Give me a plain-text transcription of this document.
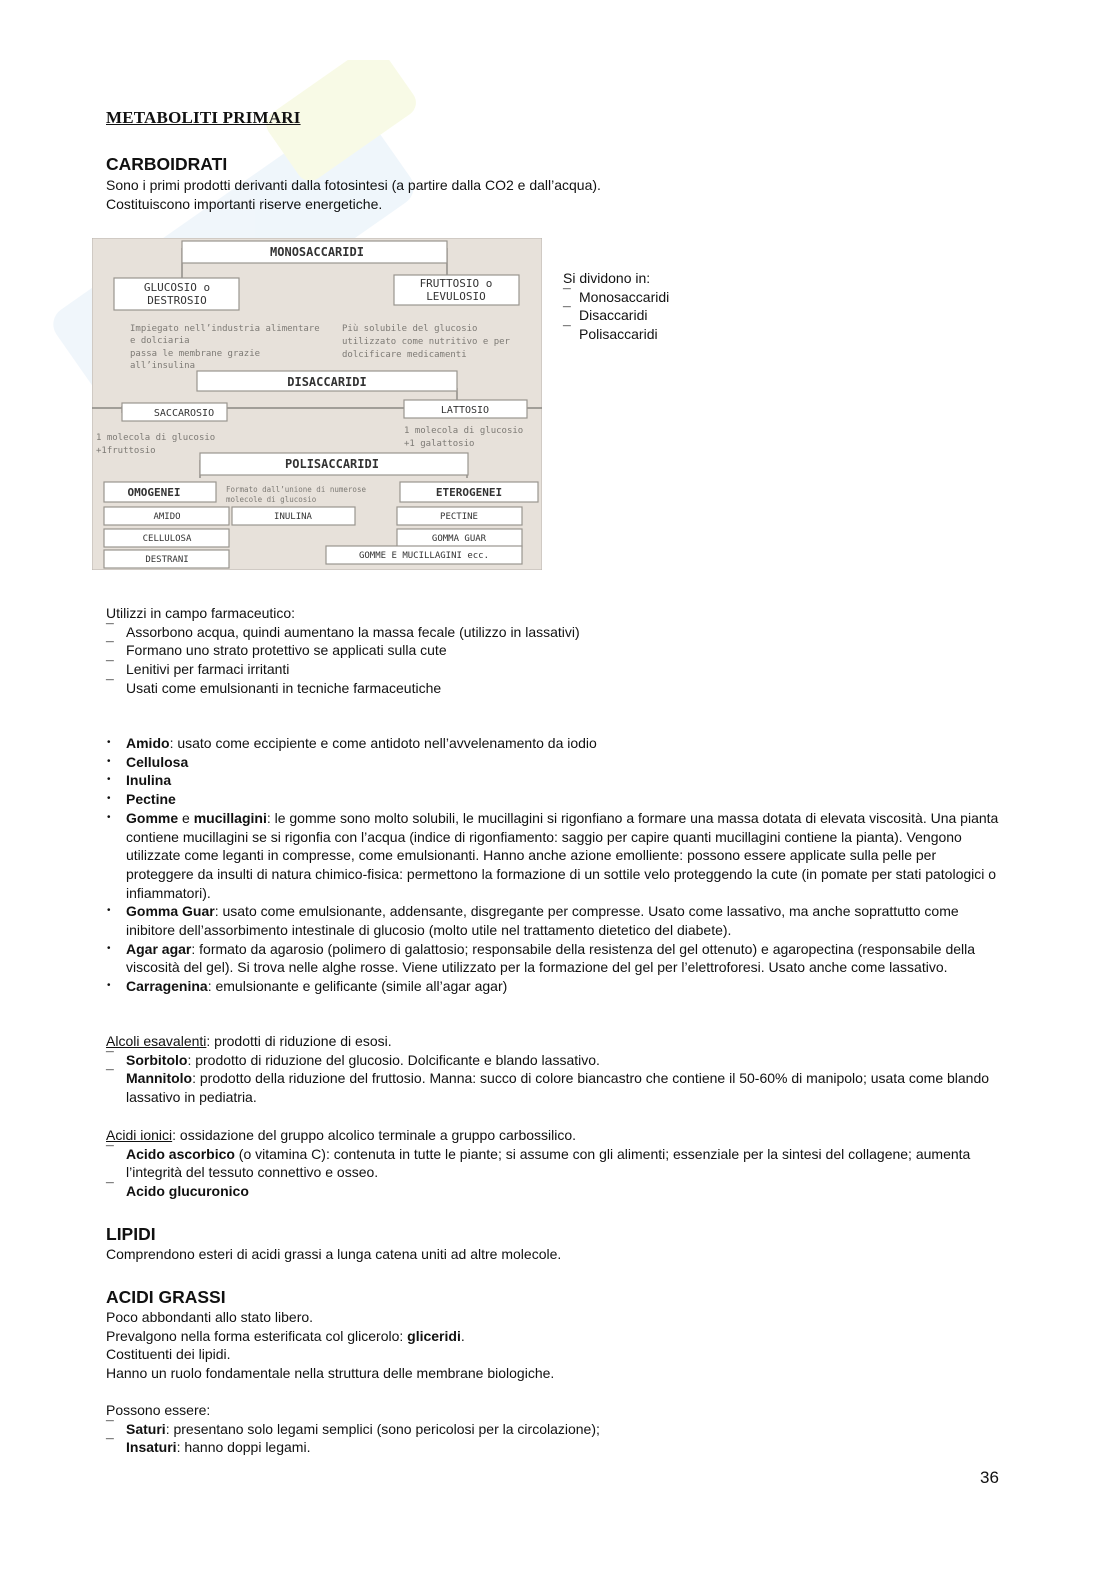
METABOLITI PRIMARI
CARBOIDRATI

Sono i primi prodotti derivanti dalla fotosintesi (a partire dalla CO2 e dall’acqua).

Costituiscono importanti riserve energetiche.

MONOSACCARIDI
GLUCOSIO o
DESTROSIO
FRUTTOSIO o
LEVULOSIO
DISACCARIDI
SACCAROSIO	LATTOSIO
POLISACCARIDI
OMOGENEI	ETEROGENEI
AMIDO	INULINA	PECTINE
CELLULOSA	GOMMA GUAR
DESTRANI	GOMME E MUCILLAGINI ecc.
Impiegato nell’industria alimentare
e dolciaria
passa le membrane grazie
all’insulina
Più solubile del glucosio
utilizzato come nutritivo e per
dolcificare medicamenti
1 molecola di glucosio
+1fruttosio
1 molecola di glucosio
+1 galattosio
Formato dall’unione di numerose
molecole di glucosio

Si dividono in:

¯ Monosaccaridi
¯ Disaccaridi
¯ Polisaccaridi

Utilizzi in campo farmaceutico:

¯ Assorbono acqua, quindi aumentano la massa fecale (utilizzo in lassativi)
¯ Formano uno strato protettivo se applicati sulla cute
¯ Lenitivi per farmaci irritanti
¯ Usati come emulsionanti in tecniche farmaceutiche
• Amido: usato come eccipiente e come antidoto nell’avvelenamento da iodio
• Cellulosa
• Inulina
• Pectine
• Gomme e mucillagini: le gomme sono molto solubili, le mucillagini si rigonfiano a formare una massa dotata di elevata viscosità. Una pianta contiene mucillagini se si rigonfia con l’acqua (indice di rigonfiamento: saggio per capire quanti mucillagini contiene la pianta). Vengono utilizzate come leganti in compresse, come emulsionanti. Hanno anche azione emolliente: possono essere applicate sulla pelle per proteggere da insulti di natura chimico-fisica: permettono la formazione di un sottile velo proteggendo la cute (in pomate per stati patologici o infiammatori).
• Gomma Guar: usato come emulsionante, addensante, disgregante per compresse. Usato come lassativo, ma anche soprattutto come inibitore dell’assorbimento intestinale di glucosio (molto utile nel trattamento dietetico del diabete).
• Agar agar: formato da agarosio (polimero di galattosio; responsabile della resistenza del gel ottenuto) e agaropectina (responsabile della viscosità del gel). Si trova nelle alghe rosse. Viene utilizzato per la formazione del gel per l’elettroforesi. Usato anche come lassativo.
• Carragenina: emulsionante e gelificante (simile all’agar agar)

Alcoli esavalenti: prodotti di riduzione di esosi.

¯ Sorbitolo: prodotto di riduzione del glucosio. Dolcificante e blando lassativo.
¯ Mannitolo: prodotto della riduzione del fruttosio. Manna: succo di colore biancastro che contiene il 50-60% di manipolo; usata come blando lassativo in pediatria.

Acidi ionici: ossidazione del gruppo alcolico terminale a gruppo carbossilico.

¯ Acido ascorbico (o vitamina C): contenuta in tutte le piante; si assume con gli alimenti; essenziale per la sintesi del collagene; aumenta l’integrità del tessuto connettivo e osseo.
¯ Acido glucuronico
LIPIDI

Comprendono esteri di acidi grassi a lunga catena uniti ad altre molecole.

ACIDI GRASSI

Poco abbondanti allo stato libero.

Prevalgono nella forma esterificata col glicerolo: gliceridi.

Costituenti dei lipidi.

Hanno un ruolo fondamentale nella struttura delle membrane biologiche.

Possono essere:

¯ Saturi: presentano solo legami semplici (sono pericolosi per la circolazione);
¯ Insaturi: hanno doppi legami.
36
